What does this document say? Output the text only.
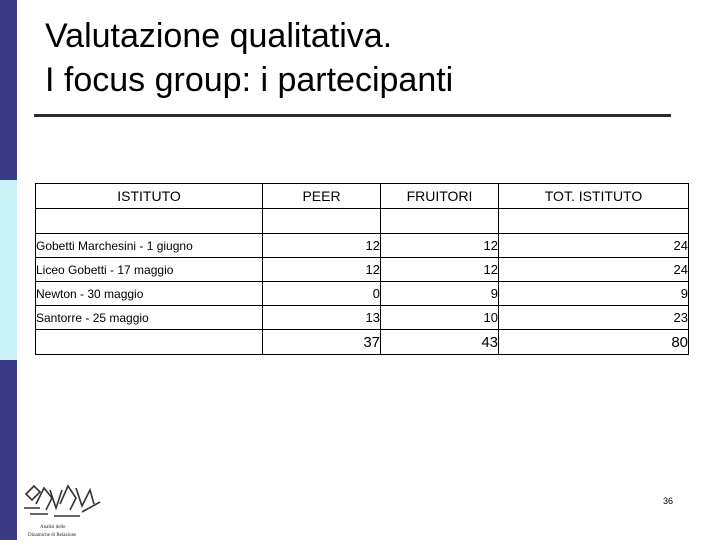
Valutazione qualitativa.
I focus group: i partecipanti
ISTITUTO	PEER	FRUITORI	TOT. ISTITUTO

Gobetti Marchesini - 1 giugno	12	12	24
Liceo Gobetti - 17 maggio	12	12	24
Newton - 30 maggio	0	9	9
Santorre - 25 maggio	13	10	23
	37	43	80
Analisi delle
Dinamiche di Relazione
36
